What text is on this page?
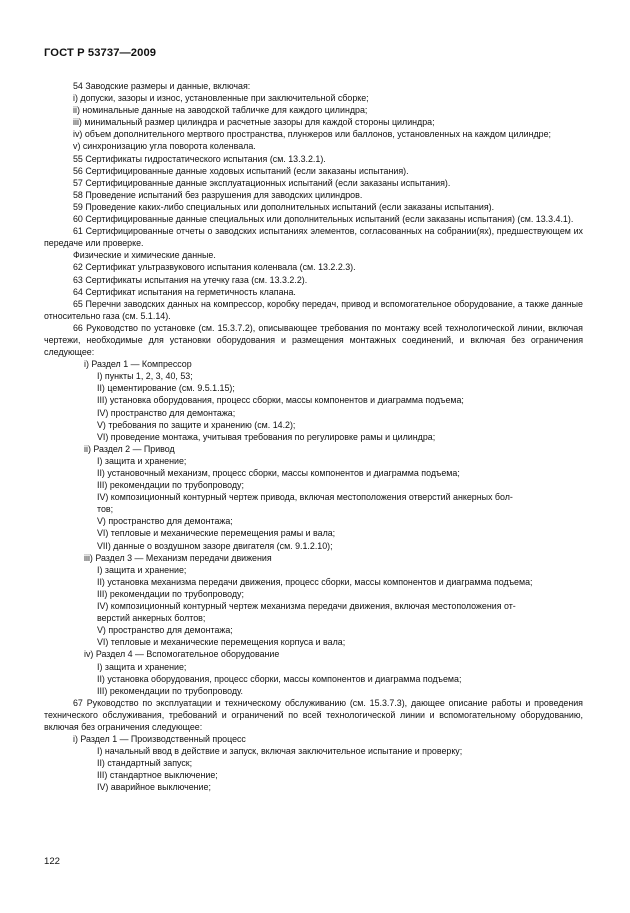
ГОСТ Р 53737—2009

54 Заводские размеры и данные, включая:

i) допуски, зазоры и износ, установленные при заключительной сборке;

ii) номинальные данные на заводской табличке для каждого цилиндра;

iii) минимальный размер цилиндра и расчетные зазоры для каждой стороны цилиндра;

iv) объем дополнительного мертвого пространства, плунжеров или баллонов, установленных на каждом цилиндре;

v) синхронизацию угла поворота коленвала.

55 Сертификаты гидростатического испытания (см. 13.3.2.1).

56 Сертифицированные данные ходовых испытаний (если заказаны испытания).

57 Сертифицированные данные эксплуатационных испытаний (если заказаны испытания).

58 Проведение испытаний без разрушения для заводских цилиндров.

59 Проведение каких-либо специальных или дополнительных испытаний (если заказаны испытания).

60 Сертифицированные данные специальных или дополнительных испытаний (если заказаны испытания) (см. 13.3.4.1).

61 Сертифицированные отчеты о заводских испытаниях элементов, согласованных на собрании(ях), предшествующем их передаче или проверке.

Физические и химические данные.

62 Сертификат ультразвукового испытания коленвала (см. 13.2.2.3).

63 Сертификаты испытания на утечку газа (см. 13.3.2.2).

64 Сертификат испытания на герметичность клапана.

65 Перечни заводских данных на компрессор, коробку передач, привод и вспомогательное оборудование, а также данные относительно газа (см. 5.1.14).

66 Руководство по установке (см. 15.3.7.2), описывающее требования по монтажу всей технологической линии, включая чертежи, необходимые для установки оборудования и размещения монтажных соединений, и включая без ограничения следующее:

i) Раздел 1 — Компрессор

I) пункты 1, 2, 3, 40, 53;

II) цементирование (см. 9.5.1.15);

III) установка оборудования, процесс сборки, массы компонентов и диаграмма подъема;

IV) пространство для демонтажа;

V) требования по защите и хранению (см. 14.2);

VI) проведение монтажа, учитывая требования по регулировке рамы и цилиндра;

ii) Раздел 2 — Привод

I) защита и хранение;

II) установочный механизм, процесс сборки, массы компонентов и диаграмма подъема;

III) рекомендации по трубопроводу;

IV) композиционный контурный чертеж привода, включая местоположения отверстий анкерных бол-

тов;

V) пространство для демонтажа;

VI) тепловые и механические перемещения рамы и вала;

VII) данные о воздушном зазоре двигателя (см. 9.1.2.10);

iii) Раздел 3 — Механизм передачи движения

I) защита и хранение;

II) установка механизма передачи движения, процесс сборки, массы компонентов и диаграмма подъема;

III) рекомендации по трубопроводу;

IV) композиционный контурный чертеж механизма передачи движения, включая местоположения от-

верстий анкерных болтов;

V) пространство для демонтажа;

VI) тепловые и механические перемещения корпуса и вала;

iv) Раздел 4 — Вспомогательное оборудование

I) защита и хранение;

II) установка оборудования, процесс сборки, массы компонентов и диаграмма подъема;

III) рекомендации по трубопроводу.

67 Руководство по эксплуатации и техническому обслуживанию (см. 15.3.7.3), дающее описание работы и проведения технического обслуживания, требований и ограничений по всей технологической линии и вспомогательному оборудованию, включая без ограничения следующее:

i) Раздел 1 — Производственный процесс

I) начальный ввод в действие и запуск, включая заключительное испытание и проверку;

II) стандартный запуск;

III) стандартное выключение;

IV) аварийное выключение;

122
